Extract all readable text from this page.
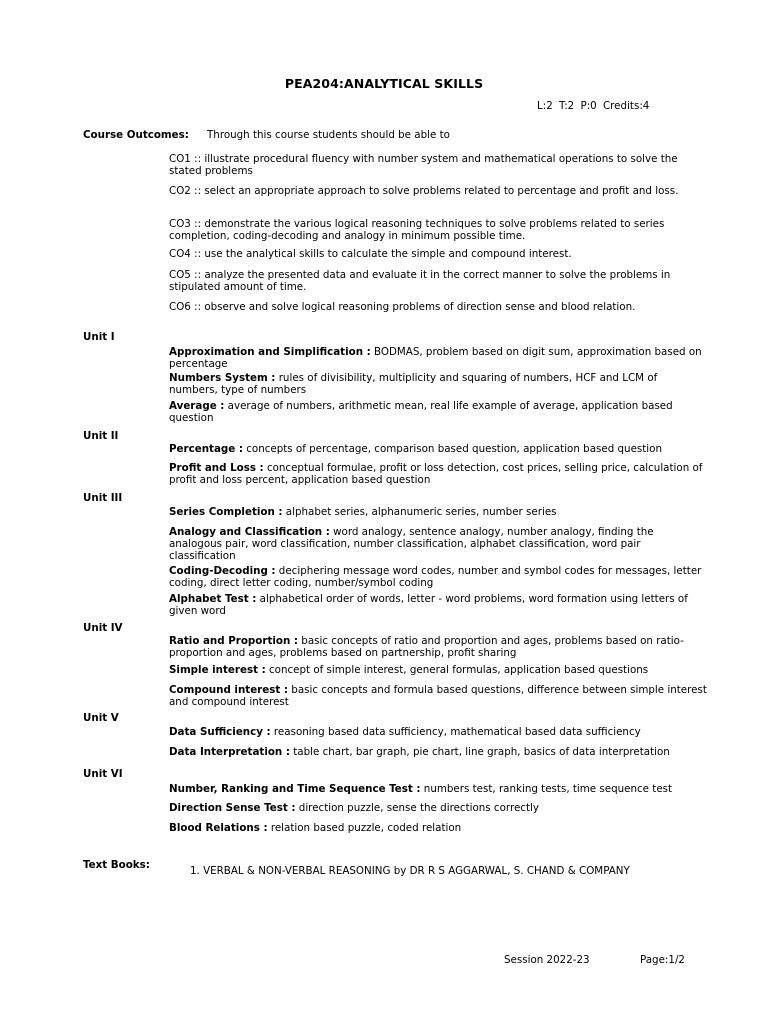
PEA204:ANALYTICAL SKILLS
L:2 T:2 P:0 Credits:4
Course Outcomes: Through this course students should be able to
CO1 :: illustrate procedural fluency with number system and mathematical operations to solve the stated problems
CO2 :: select an appropriate approach to solve problems related to percentage and profit and loss.
CO3 :: demonstrate the various logical reasoning techniques to solve problems related to series completion, coding-decoding and analogy in minimum possible time.
CO4 :: use the analytical skills to calculate the simple and compound interest.
CO5 :: analyze the presented data and evaluate it in the correct manner to solve the problems in stipulated amount of time.
CO6 :: observe and solve logical reasoning problems of direction sense and blood relation.
Unit I
Approximation and Simplification : BODMAS, problem based on digit sum, approximation based on percentage
Numbers System : rules of divisibility, multiplicity and squaring of numbers, HCF and LCM of numbers, type of numbers
Average : average of numbers, arithmetic mean, real life example of average, application based question
Unit II
Percentage : concepts of percentage, comparison based question, application based question
Profit and Loss : conceptual formulae, profit or loss detection, cost prices, selling price, calculation of profit and loss percent, application based question
Unit III
Series Completion : alphabet series, alphanumeric series, number series
Analogy and Classification : word analogy, sentence analogy, number analogy, finding the analogous pair, word classification, number classification, alphabet classification, word pair classification
Coding-Decoding : deciphering message word codes, number and symbol codes for messages, letter coding, direct letter coding, number/symbol coding
Alphabet Test : alphabetical order of words, letter - word problems, word formation using letters of given word
Unit IV
Ratio and Proportion : basic concepts of ratio and proportion and ages, problems based on ratio-proportion and ages, problems based on partnership, profit sharing
Simple interest : concept of simple interest, general formulas, application based questions
Compound interest : basic concepts and formula based questions, difference between simple interest and compound interest
Unit V
Data Sufficiency : reasoning based data sufficiency, mathematical based data sufficiency
Data Interpretation : table chart, bar graph, pie chart, line graph, basics of data interpretation
Unit VI
Number, Ranking and Time Sequence Test : numbers test, ranking tests, time sequence test
Direction Sense Test : direction puzzle, sense the directions correctly
Blood Relations : relation based puzzle, coded relation
Text Books:	1. VERBAL & NON-VERBAL REASONING by DR R S AGGARWAL, S. CHAND & COMPANY
Session 2022-23	Page:1/2
